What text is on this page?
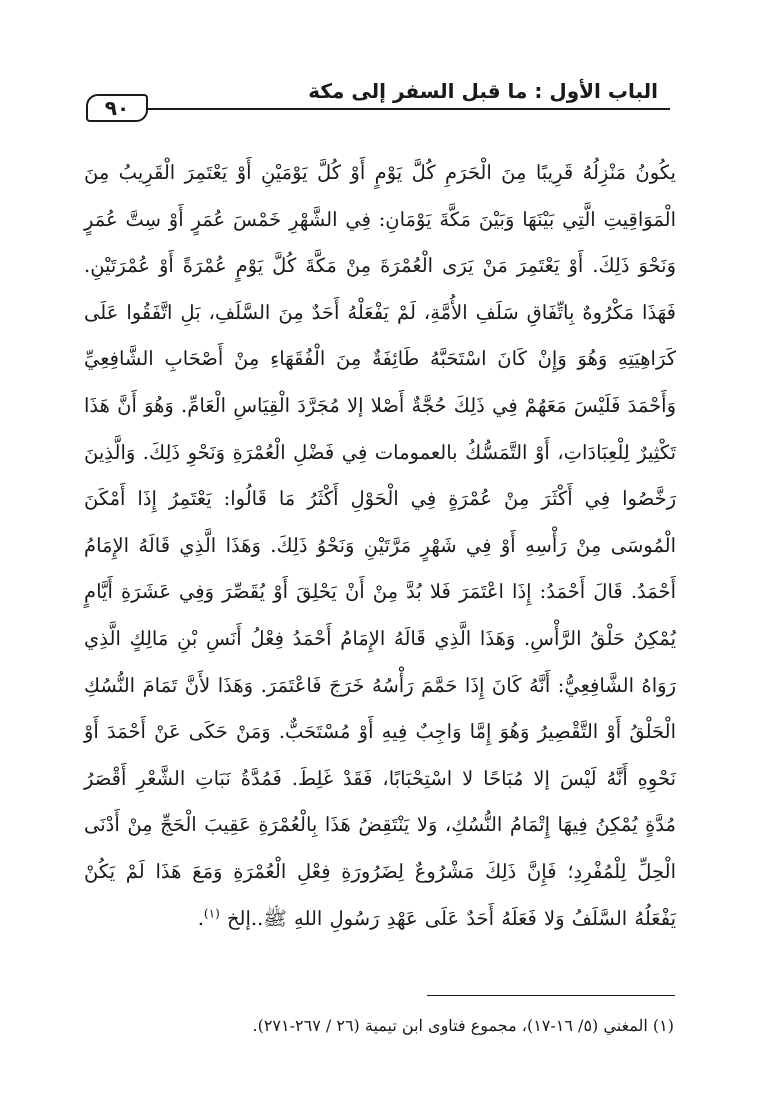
الباب الأول : ما قبل السفر إلى مكة
٩٠
يكُونُ مَنْزِلُهُ قَرِيبًا مِنَ الْحَرَمِ كُلَّ يَوْمٍ أَوْ كُلَّ يَوْمَيْنِ أَوْ يَعْتَمِرَ الْقَرِيبُ مِنَ الْمَوَاقِيتِ الَّتِي بَيْنَهَا وَبَيْنَ مَكَّةَ يَوْمَانِ: فِي الشَّهْرِ خَمْسَ عُمَرٍ أَوْ سِتَّ عُمَرٍ وَنَحْوَ ذَلِكَ. أَوْ يَعْتَمِرَ مَنْ يَرَى الْعُمْرَةَ مِنْ مَكَّةَ كُلَّ يَوْمٍ عُمْرَةً أَوْ عُمْرَتَيْنِ. فَهَذَا مَكْرُوهٌ بِاتِّفَاقِ سَلَفِ الأُمَّةِ، لَمْ يَفْعَلْهُ أَحَدٌ مِنَ السَّلَفِ، بَلِ اتَّفَقُوا عَلَى كَرَاهِيَتِهِ وَهُوَ وَإِنْ كَانَ اسْتَحَبَّهُ طَائِفَةٌ مِنَ الْفُقَهَاءِ مِنْ أَصْحَابِ الشَّافِعِيِّ وَأَحْمَدَ فَلَيْسَ مَعَهُمْ فِي ذَلِكَ حُجَّةٌ أَصْلا إلا مُجَرَّدَ الْقِيَاسِ الْعَامِّ. وَهُوَ أَنَّ هَذَا تَكْثِيرٌ لِلْعِبَادَاتِ، أَوْ التَّمَسُّكُ بالعمومات فِي فَضْلِ الْعُمْرَةِ وَنَحْوِ ذَلِكَ. وَالَّذِينَ رَخَّصُوا فِي أَكْثَرَ مِنْ عُمْرَةٍ فِي الْحَوْلِ أَكْثَرُ مَا قَالُوا: يَعْتَمِرُ إِذَا أَمْكَنَ الْمُوسَى مِنْ رَأْسِهِ أَوْ فِي شَهْرٍ مَرَّتَيْنِ وَنَحْوُ ذَلِكَ. وَهَذَا الَّذِي قَالَهُ الإِمَامُ أَحْمَدُ. قَالَ أَحْمَدُ: إِذَا اعْتَمَرَ فَلا بُدَّ مِنْ أَنْ يَحْلِقَ أَوْ يُقَصِّرَ وَفِي عَشَرَةِ أَيَّامٍ يُمْكِنُ حَلْقُ الرَّأْسِ. وَهَذَا الَّذِي قَالَهُ الإِمَامُ أَحْمَدُ فِعْلُ أَنَسِ بْنِ مَالِكٍ الَّذِي رَوَاهُ الشَّافِعِيُّ: أَنَّهُ كَانَ إِذَا حَمَّمَ رَأْسُهُ خَرَجَ فَاعْتَمَرَ. وَهَذَا لأَنَّ تَمَامَ النُّسُكِ الْحَلْقُ أَوْ التَّقْصِيرُ وَهُوَ إِمَّا وَاجِبٌ فِيهِ أَوْ مُسْتَحَبٌّ. وَمَنْ حَكَى عَنْ أَحْمَدَ أَوْ نَحْوِهِ أَنَّهُ لَيْسَ إلا مُبَاحًا لا اسْتِحْبَابًا، فَقَدْ غَلِطَ. فَمُدَّةُ نَبَاتِ الشَّعْرِ أَقْصَرُ مُدَّةٍ يُمْكِنُ فِيهَا إِتْمَامُ النُّسُكِ، وَلا يَنْتَقِضُ هَذَا بِالْعُمْرَةِ عَقِيبَ الْحَجِّ مِنْ أَدْنَى الْحِلِّ لِلْمُفْرِدِ؛ فَإِنَّ ذَلِكَ مَشْرُوعٌ لِضَرُورَةِ فِعْلِ الْعُمْرَةِ وَمَعَ هَذَا لَمْ يَكُنْ يَفْعَلُهُ السَّلَفُ وَلا فَعَلَهُ أَحَدٌ عَلَى عَهْدِ رَسُولِ اللهِ ﷺ..إلخ $^{(١)}$.
(١) المغني (٥/ ١٦-١٧)، مجموع فتاوى ابن تيمية (٢٦ / ٢٦٧-٢٧١).
